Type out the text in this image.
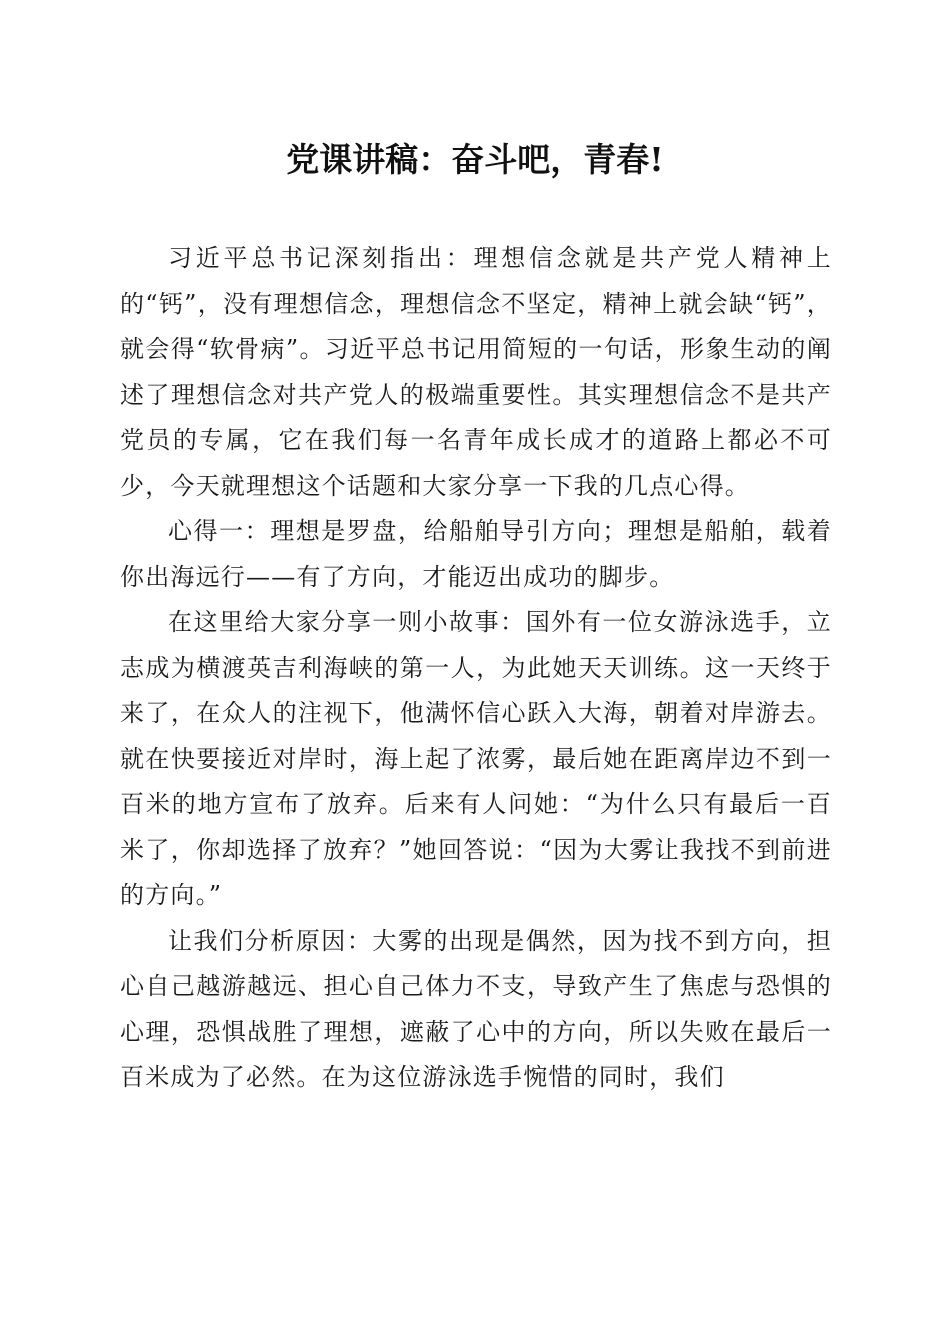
党课讲稿：奋斗吧，青春!

习近平总书记深刻指出：理想信念就是共产党人精神上的“钙”，没有理想信念，理想信念不坚定，精神上就会缺“钙”，就会得“软骨病”。习近平总书记用简短的一句话，形象生动的阐述了理想信念对共产党人的极端重要性。其实理想信念不是共产党员的专属，它在我们每一名青年成长成才的道路上都必不可少，今天就理想这个话题和大家分享一下我的几点心得。

心得一：理想是罗盘，给船舶导引方向；理想是船舶，载着你出海远行——有了方向，才能迈出成功的脚步。

在这里给大家分享一则小故事：国外有一位女游泳选手，立志成为横渡英吉利海峡的第一人，为此她天天训练。这一天终于来了，在众人的注视下，他满怀信心跃入大海，朝着对岸游去。就在快要接近对岸时，海上起了浓雾，最后她在距离岸边不到一百米的地方宣布了放弃。后来有人问她：“为什么只有最后一百米了，你却选择了放弃？”她回答说：“因为大雾让我找不到前进的方向。”

让我们分析原因：大雾的出现是偶然，因为找不到方向，担心自己越游越远、担心自己体力不支，导致产生了焦虑与恐惧的心理，恐惧战胜了理想，遮蔽了心中的方向，所以失败在最后一百米成为了必然。在为这位游泳选手惋惜的同时，我们
